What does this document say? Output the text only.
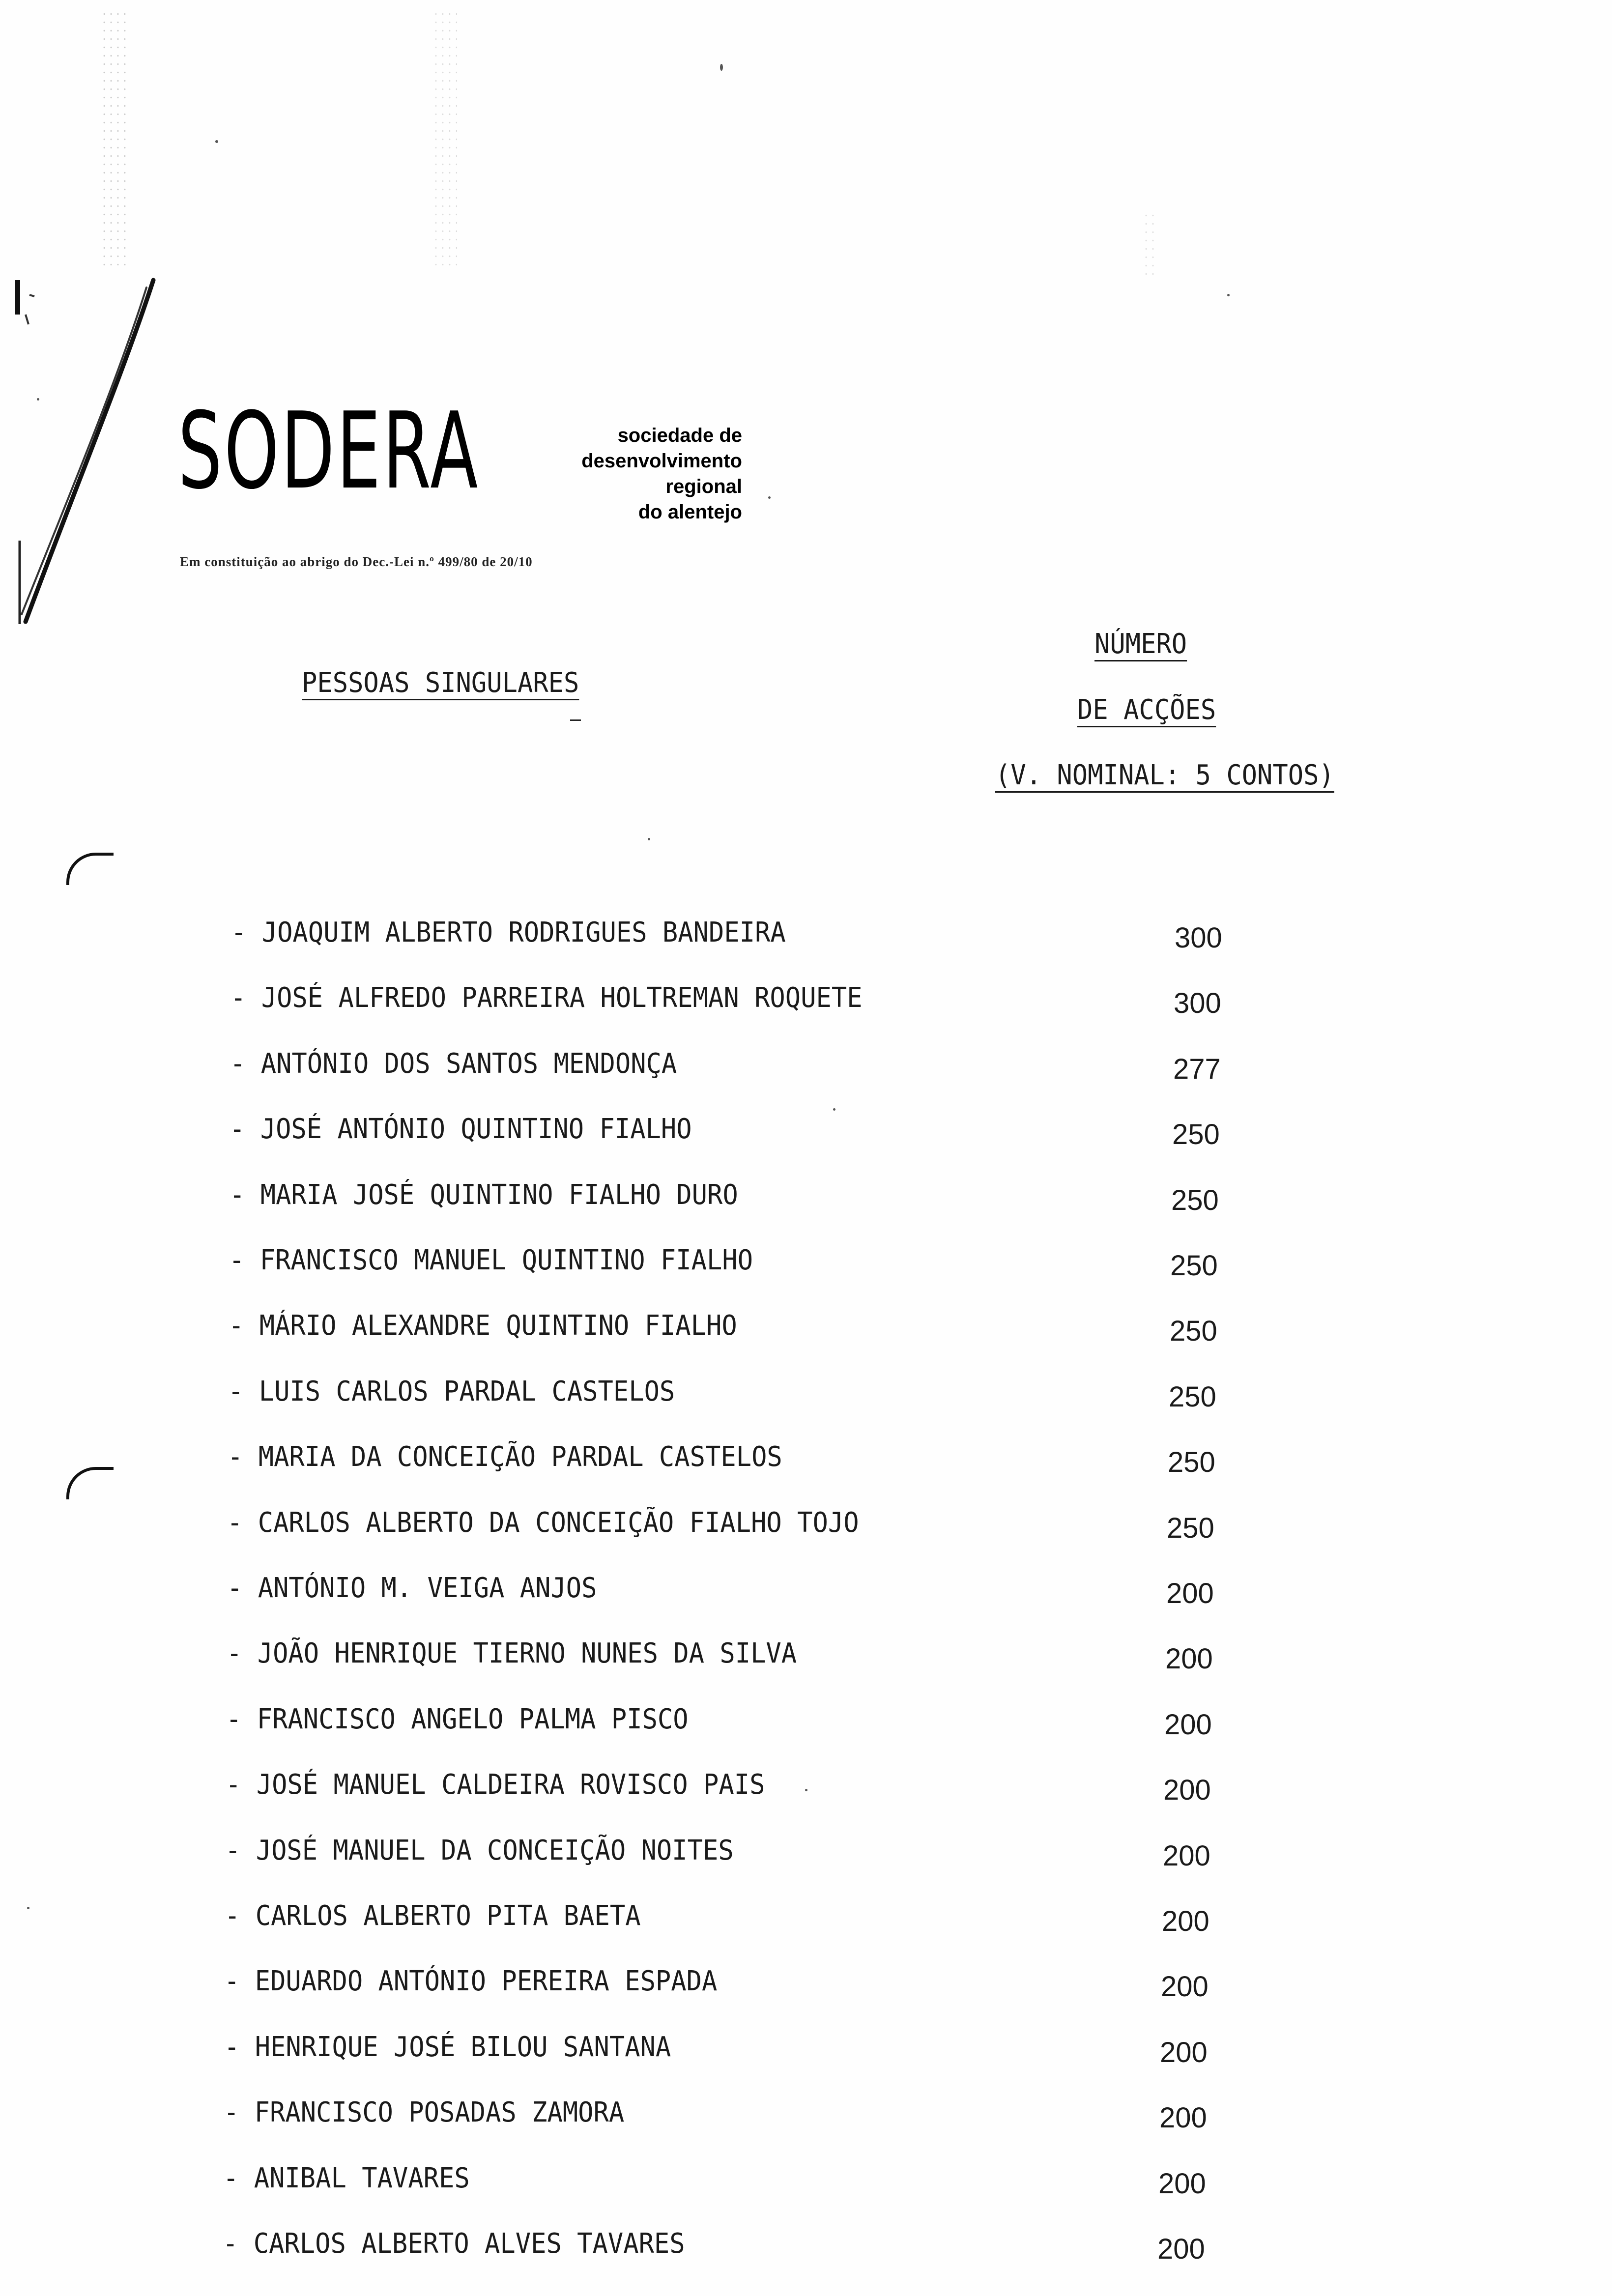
SODERA	sociedade de
desenvolvimento
regional
do alentejo
Em constituição ao abrigo do Dec.-Lei n.º 499/80 de 20/10
PESSOAS SINGULARES
NÚMERO
DE ACÇÕES
(V. NOMINAL: 5 CONTOS)
- JOAQUIM ALBERTO RODRIGUES BANDEIRA	300
- JOSÉ ALFREDO PARREIRA HOLTREMAN ROQUETE	300
- ANTÓNIO DOS SANTOS MENDONÇA	277
- JOSÉ ANTÓNIO QUINTINO FIALHO	250
- MARIA JOSÉ QUINTINO FIALHO DURO	250
- FRANCISCO MANUEL QUINTINO FIALHO	250
- MÁRIO ALEXANDRE QUINTINO FIALHO	250
- LUIS CARLOS PARDAL CASTELOS	250
- MARIA DA CONCEIÇÃO PARDAL CASTELOS	250
- CARLOS ALBERTO DA CONCEIÇÃO FIALHO TOJO	250
- ANTÓNIO M. VEIGA ANJOS	200
- JOÃO HENRIQUE TIERNO NUNES DA SILVA	200
- FRANCISCO ANGELO PALMA PISCO	200
- JOSÉ MANUEL CALDEIRA ROVISCO PAIS	200
- JOSÉ MANUEL DA CONCEIÇÃO NOITES	200
- CARLOS ALBERTO PITA BAETA	200
- EDUARDO ANTÓNIO PEREIRA ESPADA	200
- HENRIQUE JOSÉ BILOU SANTANA	200
- FRANCISCO POSADAS ZAMORA	200
- ANIBAL TAVARES	200
- CARLOS ALBERTO ALVES TAVARES	200
